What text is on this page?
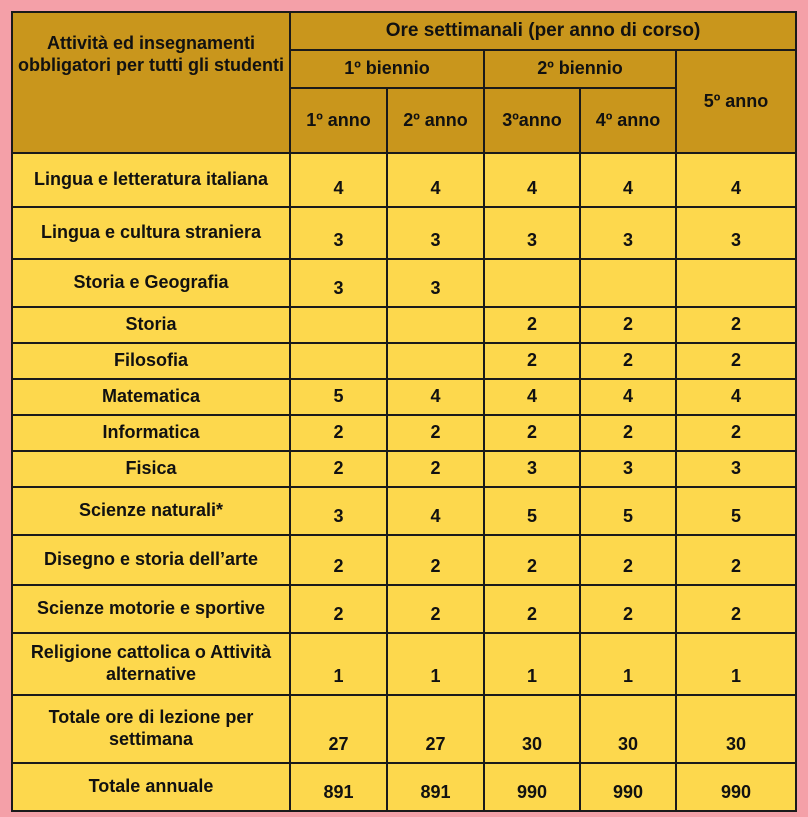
Attività ed insegnamenti obbligatori per tutti gli studenti	Ore settimanali (per anno di corso)				
	1º biennio		2º biennio		5º anno
	1º anno	2º anno	3ºanno	4º anno	
Lingua e letteratura italiana	4	4	4	4	4
Lingua e cultura straniera	3	3	3	3	3
Storia e Geografia	3	3			
Storia			2	2	2
Filosofia			2	2	2
Matematica	5	4	4	4	4
Informatica	2	2	2	2	2
Fisica	2	2	3	3	3
Scienze naturali*	3	4	5	5	5
Disegno e storia dell’arte	2	2	2	2	2
Scienze motorie e sportive	2	2	2	2	2
Religione cattolica o Attività alternative	1	1	1	1	1
Totale ore di lezione per settimana	27	27	30	30	30
Totale annuale	891	891	990	990	990
